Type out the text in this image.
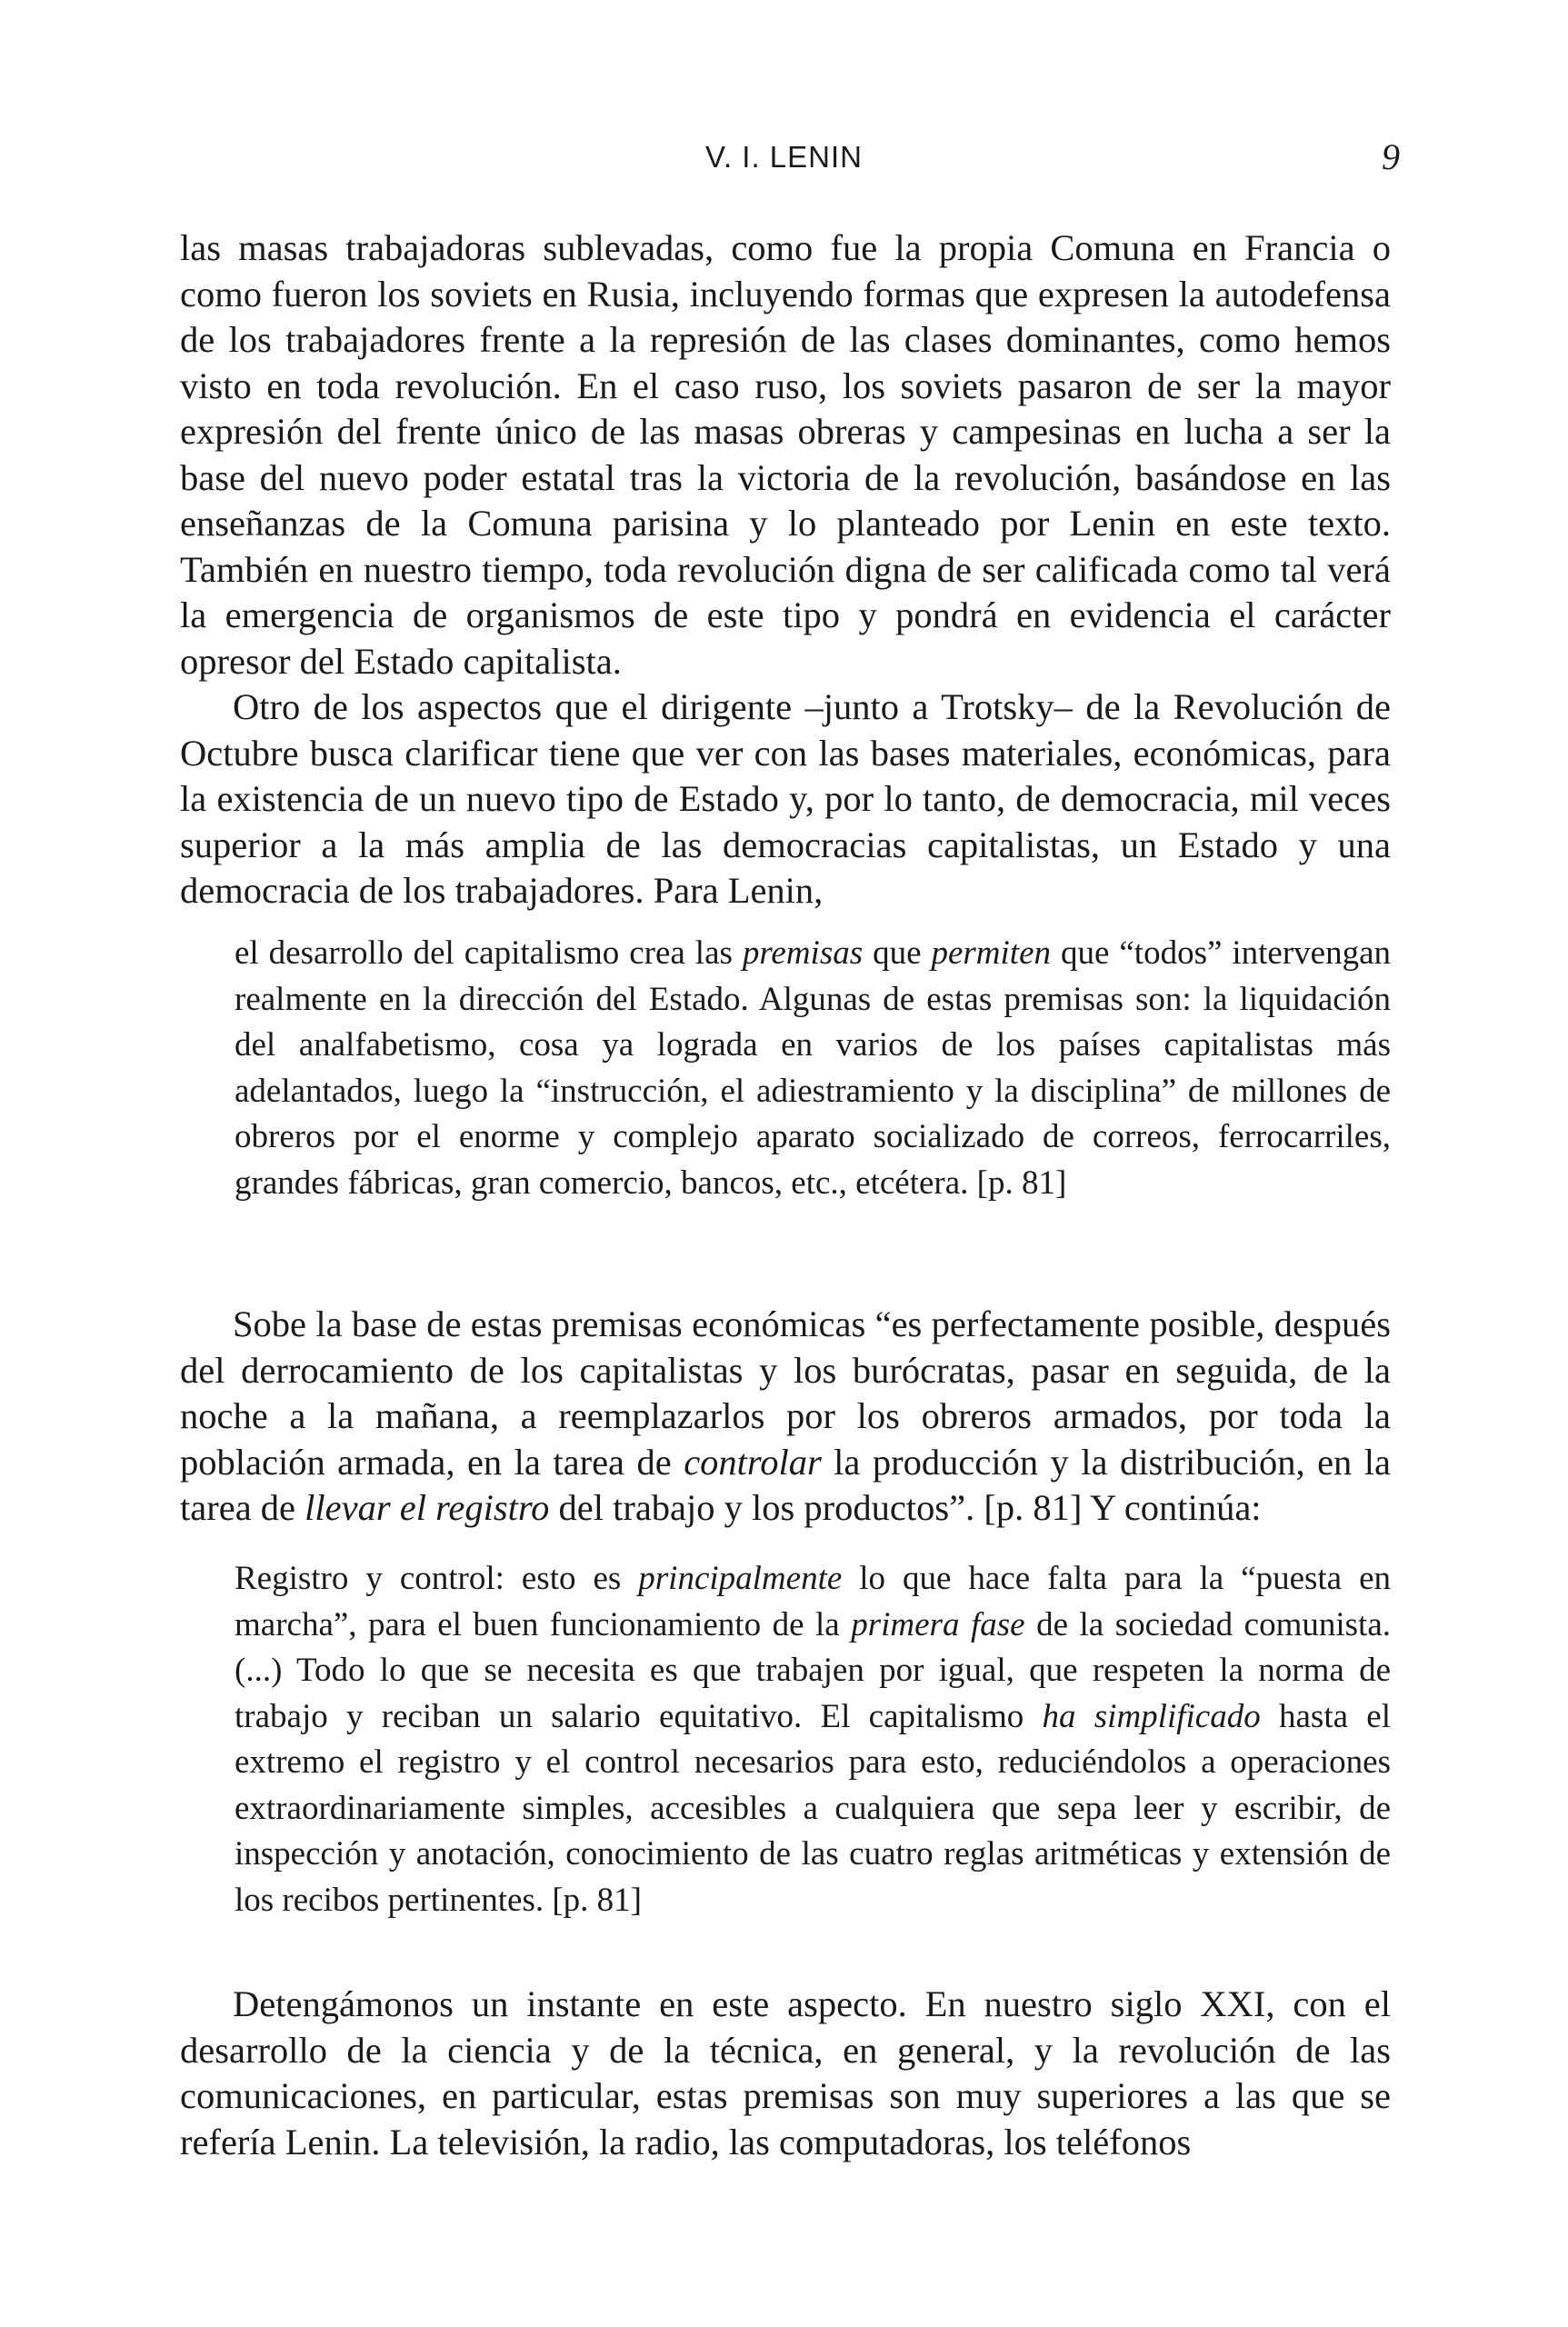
V. I. LENIN	9

las masas trabajadoras sublevadas, como fue la propia Comuna en Francia o como fueron los soviets en Rusia, incluyendo formas que expresen la autodefensa de los trabajadores frente a la represión de las clases dominantes, como hemos visto en toda revolución. En el caso ruso, los soviets pasaron de ser la mayor expresión del frente único de las masas obreras y campesinas en lucha a ser la base del nuevo poder estatal tras la victoria de la revolución, basándose en las enseñanzas de la Comuna parisina y lo planteado por Lenin en este texto. También en nuestro tiempo, toda revolución digna de ser calificada como tal verá la emergencia de organismos de este tipo y pondrá en evidencia el carácter opresor del Estado capitalista.

Otro de los aspectos que el dirigente –junto a Trotsky– de la Revolución de Octubre busca clarificar tiene que ver con las bases materiales, económicas, para la existencia de un nuevo tipo de Estado y, por lo tanto, de democracia, mil veces superior a la más amplia de las democracias capitalistas, un Estado y una democracia de los trabajadores. Para Lenin,

el desarrollo del capitalismo crea las premisas que permiten que “todos” intervengan realmente en la dirección del Estado. Algunas de estas premisas son: la liquidación del analfabetismo, cosa ya lograda en varios de los países capitalistas más adelantados, luego la “instrucción, el adiestramiento y la disciplina” de millones de obreros por el enorme y complejo aparato socializado de correos, ferrocarriles, grandes fábricas, gran comercio, bancos, etc., etcétera. [p. 81]

Sobe la base de estas premisas económicas “es perfectamente posible, después del derrocamiento de los capitalistas y los burócratas, pasar en seguida, de la noche a la mañana, a reemplazarlos por los obreros armados, por toda la población armada, en la tarea de controlar la producción y la distribución, en la tarea de llevar el registro del trabajo y los productos”. [p. 81] Y continúa:

Registro y control: esto es principalmente lo que hace falta para la “puesta en marcha”, para el buen funcionamiento de la primera fase de la sociedad comunista. (...) Todo lo que se necesita es que trabajen por igual, que respeten la norma de trabajo y reciban un salario equitativo. El capitalismo ha simplificado hasta el extremo el registro y el control necesarios para esto, reduciéndolos a operaciones extraordinariamente simples, accesibles a cualquiera que sepa leer y escribir, de inspección y anotación, conocimiento de las cuatro reglas aritméticas y extensión de los recibos pertinentes. [p. 81]

Detengámonos un instante en este aspecto. En nuestro siglo XXI, con el desarrollo de la ciencia y de la técnica, en general, y la revolución de las comunicaciones, en particular, estas premisas son muy superiores a las que se refería Lenin. La televisión, la radio, las computadoras, los teléfonos
